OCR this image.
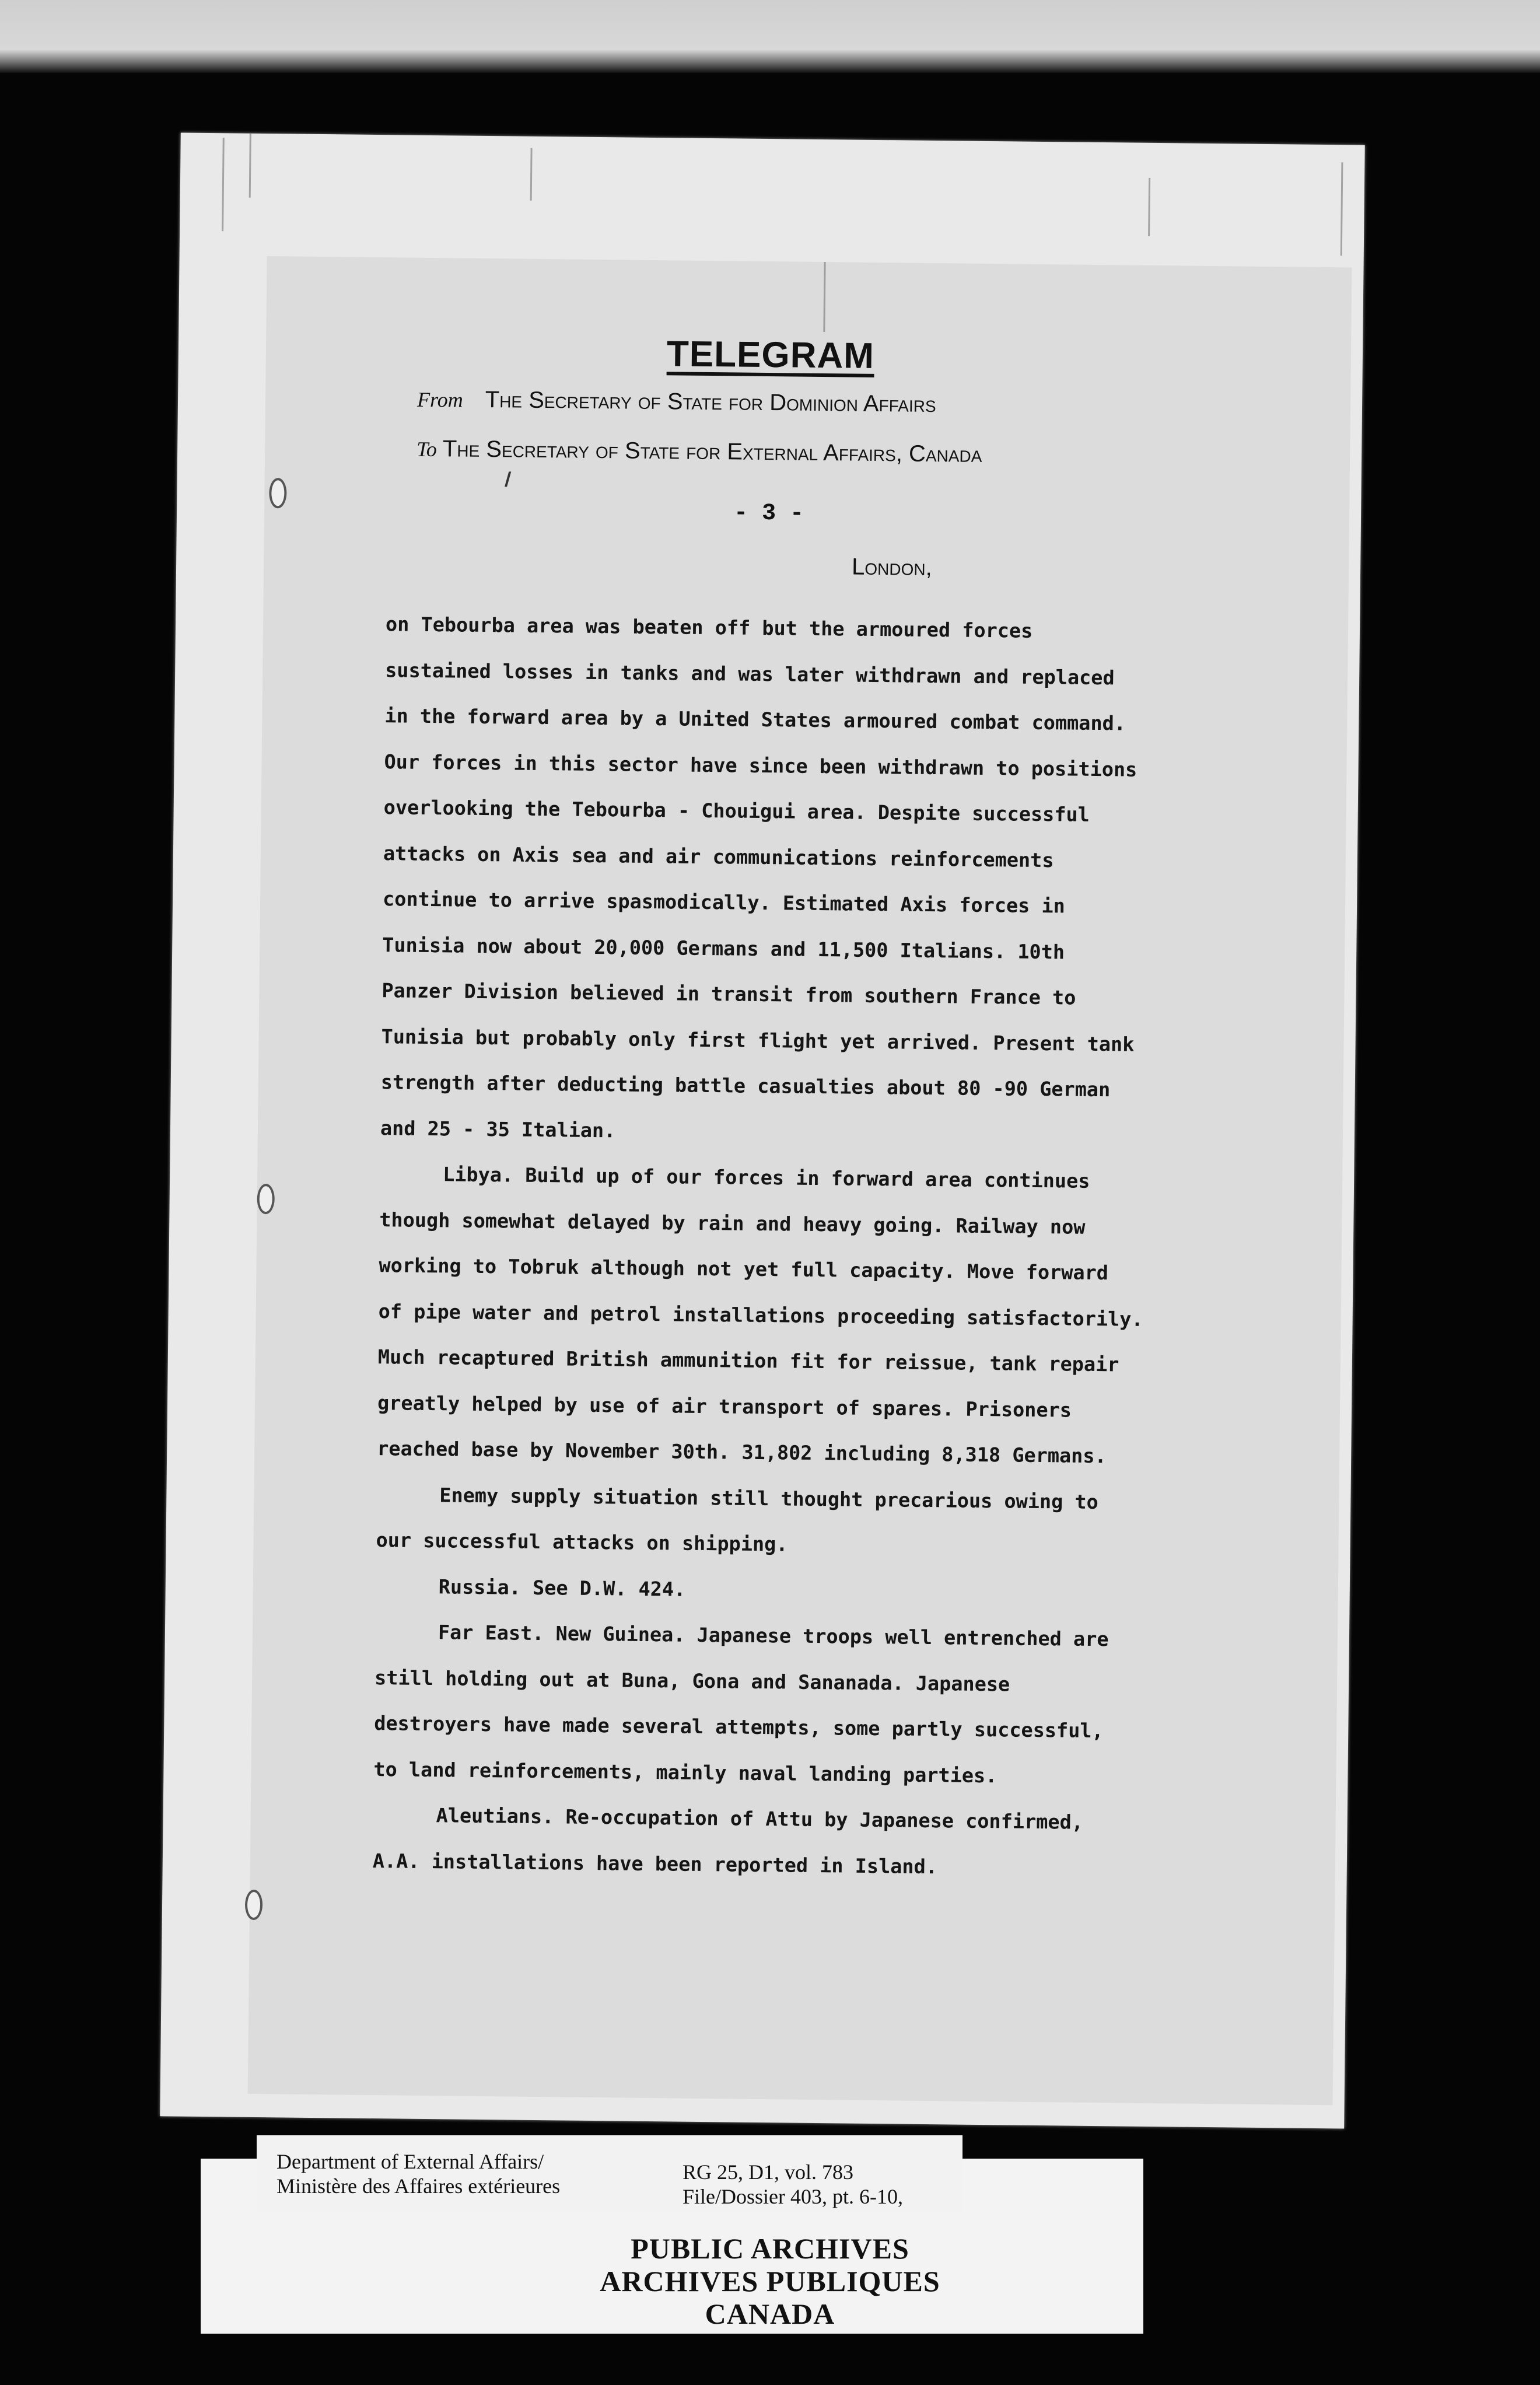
TELEGRAM
From The Secretary of State for Dominion Affairs
To The Secretary of State for External Affairs, Canada
- 3 -
London,

on Tebourba area was beaten off but the armoured forces

sustained losses in tanks and was later withdrawn and replaced

in the forward area by a United States armoured combat command.

Our forces in this sector have since been withdrawn to positions

overlooking the Tebourba - Chouigui area. Despite successful

attacks on Axis sea and air communications reinforcements

continue to arrive spasmodically. Estimated Axis forces in

Tunisia now about 20,000 Germans and 11,500 Italians. 10th

Panzer Division believed in transit from southern France to

Tunisia but probably only first flight yet arrived. Present tank

strength after deducting battle casualties about 80 -90 German

and 25 - 35 Italian.

Libya. Build up of our forces in forward area continues

though somewhat delayed by rain and heavy going. Railway now

working to Tobruk although not yet full capacity. Move forward

of pipe water and petrol installations proceeding satisfactorily.

Much recaptured British ammunition fit for reissue, tank repair

greatly helped by use of air transport of spares. Prisoners

reached base by November 30th. 31,802 including 8,318 Germans.

Enemy supply situation still thought precarious owing to

our successful attacks on shipping.

Russia. See D.W. 424.

Far East. New Guinea. Japanese troops well entrenched are

still holding out at Buna, Gona and Sananada. Japanese

destroyers have made several attempts, some partly successful,

to land reinforcements, mainly naval landing parties.

Aleutians. Re-occupation of Attu by Japanese confirmed,

A.A. installations have been reported in Island.

Department of External Affairs/
Ministère des Affaires extérieures
RG 25, D1, vol. 783
File/Dossier 403, pt. 6-10,
PUBLIC ARCHIVES
ARCHIVES PUBLIQUES
CANADA
